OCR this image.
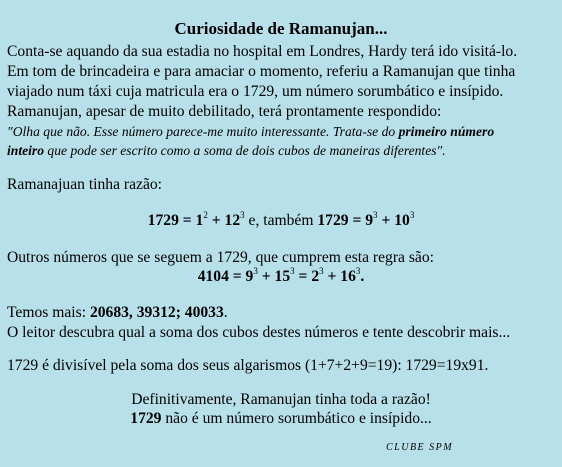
Curiosidade de Ramanujan...
Conta-se aquando da sua estadia no hospital em Londres, Hardy terá ido visitá-lo.
Em tom de brincadeira e para amaciar o momento, referiu a Ramanujan que tinha
viajado num táxi cuja matricula era o 1729, um número sorumbático e insípido.
Ramanujan, apesar de muito debilitado, terá prontamente respondido:
"Olha que não. Esse número parece-me muito interessante. Trata-se do primeiro número
inteiro que pode ser escrito como a soma de dois cubos de maneiras diferentes".
Ramanajuan tinha razão:
$1729 = 1^2 + 12^3$ e, também $1729 = 9^3 + 10^3$
Outros números que se seguem a 1729, que cumprem esta regra são:
$4104 = 9^3 + 15^3 = 2^3 + 16^3$.
Temos mais: 20683, 39312; 40033.
O leitor descubra qual a soma dos cubos destes números e tente descobrir mais...
1729 é divisível pela soma dos seus algarismos (1+7+2+9=19): 1729=19x91.
Definitivamente, Ramanujan tinha toda a razão!
1729 não é um número sorumbático e insípido...
CLUBE SPM
